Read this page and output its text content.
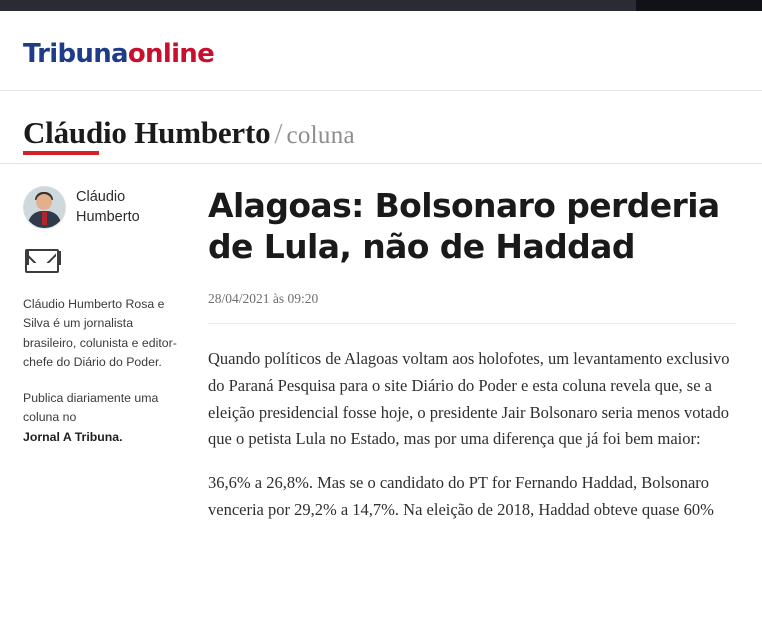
Tribunaonline
Cláudio Humberto / coluna
Cláudio Humberto
Cláudio Humberto Rosa e Silva é um jornalista brasileiro, colunista e editor-chefe do Diário do Poder.
Publica diariamente uma coluna no
Jornal A Tribuna.
Alagoas: Bolsonaro perderia de Lula, não de Haddad
28/04/2021 às 09:20

Quando políticos de Alagoas voltam aos holofotes, um levantamento exclusivo do Paraná Pesquisa para o site Diário do Poder e esta coluna revela que, se a eleição presidencial fosse hoje, o presidente Jair Bolsonaro seria menos votado que o petista Lula no Estado, mas por uma diferença que já foi bem maior:

36,6% a 26,8%. Mas se o candidato do PT for Fernando Haddad, Bolsonaro venceria por 29,2% a 14,7%. Na eleição de 2018, Haddad obteve quase 60%
